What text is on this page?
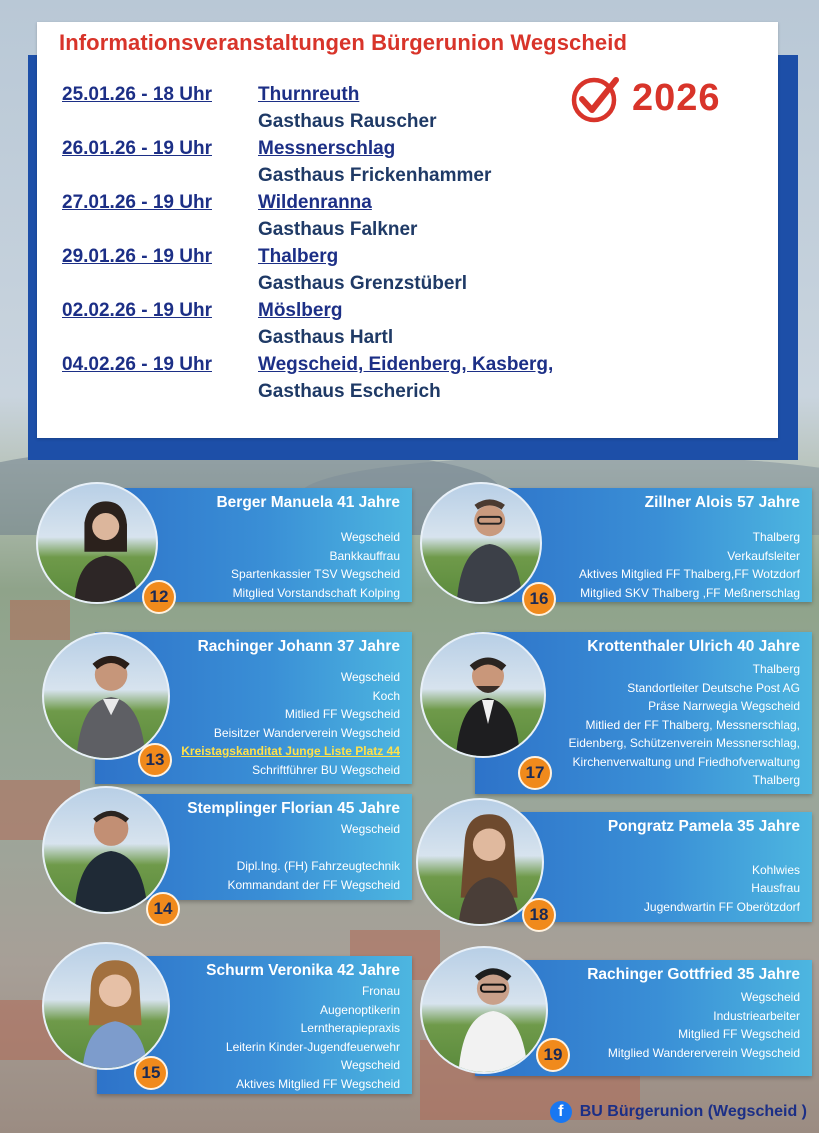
Informationsveranstaltungen Bürgerunion Wegscheid
2026
25.01.26 - 18 Uhr Thurnreuth
Gasthaus Rauscher
26.01.26 - 19 Uhr Messnerschlag
Gasthaus Frickenhammer
27.01.26 - 19 Uhr Wildenranna
Gasthaus Falkner
29.01.26 - 19 Uhr Thalberg
Gasthaus Grenzstüberl
02.02.26 - 19 Uhr Möslberg
Gasthaus Hartl
04.02.26 - 19 Uhr Wegscheid, Eidenberg, Kasberg,
Gasthaus Escherich
Berger Manuela 41 Jahre
Wegscheid
Bankkauffrau
Spartenkassier TSV Wegscheid
Mitglied Vorstandschaft Kolping
12
Zillner Alois 57 Jahre
Thalberg
Verkaufsleiter
Aktives Mitglied FF Thalberg,FF Wotzdorf
Mitglied SKV Thalberg ,FF Meßnerschlag
16
Rachinger Johann 37 Jahre
Wegscheid
Koch
Mitlied FF Wegscheid
Beisitzer Wanderverein Wegscheid
Kreistagskanditat Junge Liste Platz 44
Schriftführer BU Wegscheid
13
Krottenthaler Ulrich 40 Jahre
Thalberg
Standortleiter Deutsche Post AG
Präse Narrwegia Wegscheid
Mitlied der FF Thalberg, Messnerschlag,
Eidenberg, Schützenverein Messnerschlag,
Kirchenverwaltung und Friedhofverwaltung
Thalberg
17
Stemplinger Florian 45 Jahre
Wegscheid

Dipl.Ing. (FH) Fahrzeugtechnik
Kommandant der FF Wegscheid
14
Pongratz Pamela 35 Jahre

Kohlwies
Hausfrau
Jugendwartin FF Oberötzdorf
18
Schurm Veronika 42 Jahre
Fronau
Augenoptikerin
Lerntherapiepraxis
Leiterin Kinder-Jugendfeuerwehr
Wegscheid
Aktives Mitglied FF Wegscheid
15
Rachinger Gottfried 35 Jahre
Wegscheid
Industriearbeiter
Mitglied FF Wegscheid
Mitglied Wandererverein Wegscheid
19
f	BU Bürgerunion (Wegscheid )
